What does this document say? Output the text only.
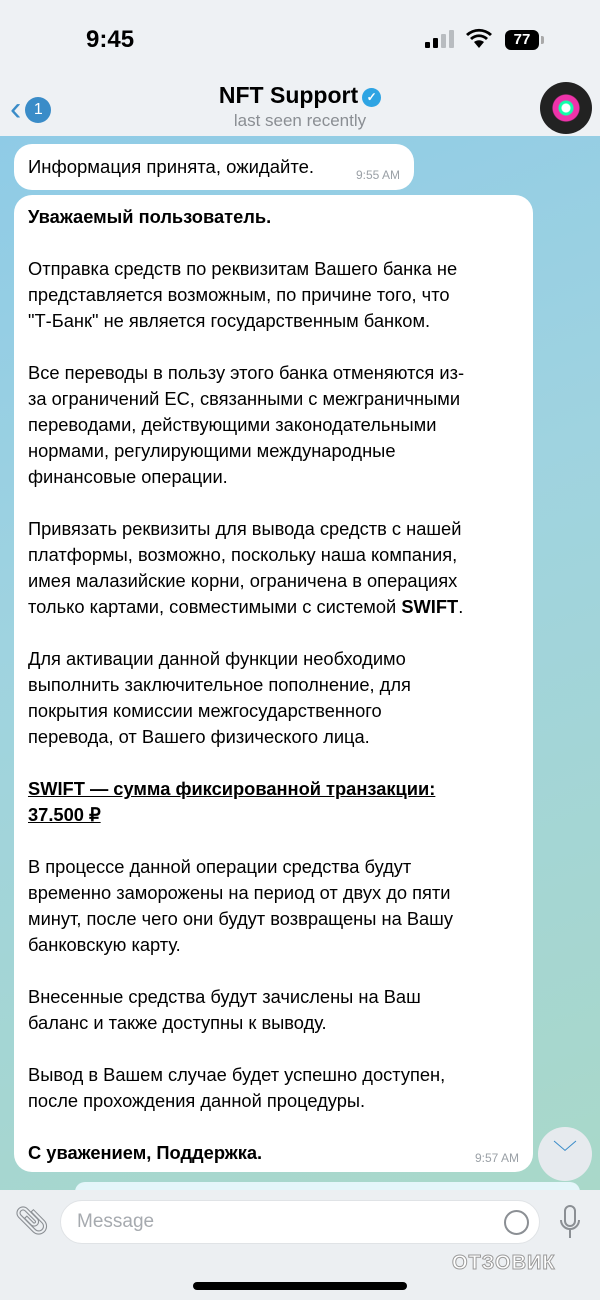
9:45	77
‹ 1
NFT Support ✓
last seen recently
Информация принята, ожидайте.	9:55 AM
Уважаемый пользователь.
Отправка средств по реквизитам Вашего банка не
представляется возможным, по причине того, что
"Т-Банк" не является государственным банком.
Все переводы в пользу этого банка отменяются из-
за ограничений ЕС, связанными с межграничными
переводами, действующими законодательными
нормами, регулирующими международные
финансовые операции.
Привязать реквизиты для вывода средств с нашей
платформы, возможно, поскольку наша компания,
имея малазийские корни, ограничена в операциях
только картами, совместимыми с системой SWIFT.
Для активации данной функции необходимо
выполнить заключительное пополнение, для
покрытия комиссии межгосударственного
перевода, от Вашего физического лица.
SWIFT — сумма фиксированной транзакции:
37.500 ₽
В процессе данной операции средства будут
временно заморожены на период от двух до пяти
минут, после чего они будут возвращены на Вашу
банковскую карту.
Внесенные средства будут зачислены на Ваш
баланс и также доступны к выводу.
Вывод в Вашем случае будет успешно доступен,
после прохождения данной процедуры.
С уважением, Поддержка.	9:57 AM	﹀
📎︎
Message
ОТЗОВИК
